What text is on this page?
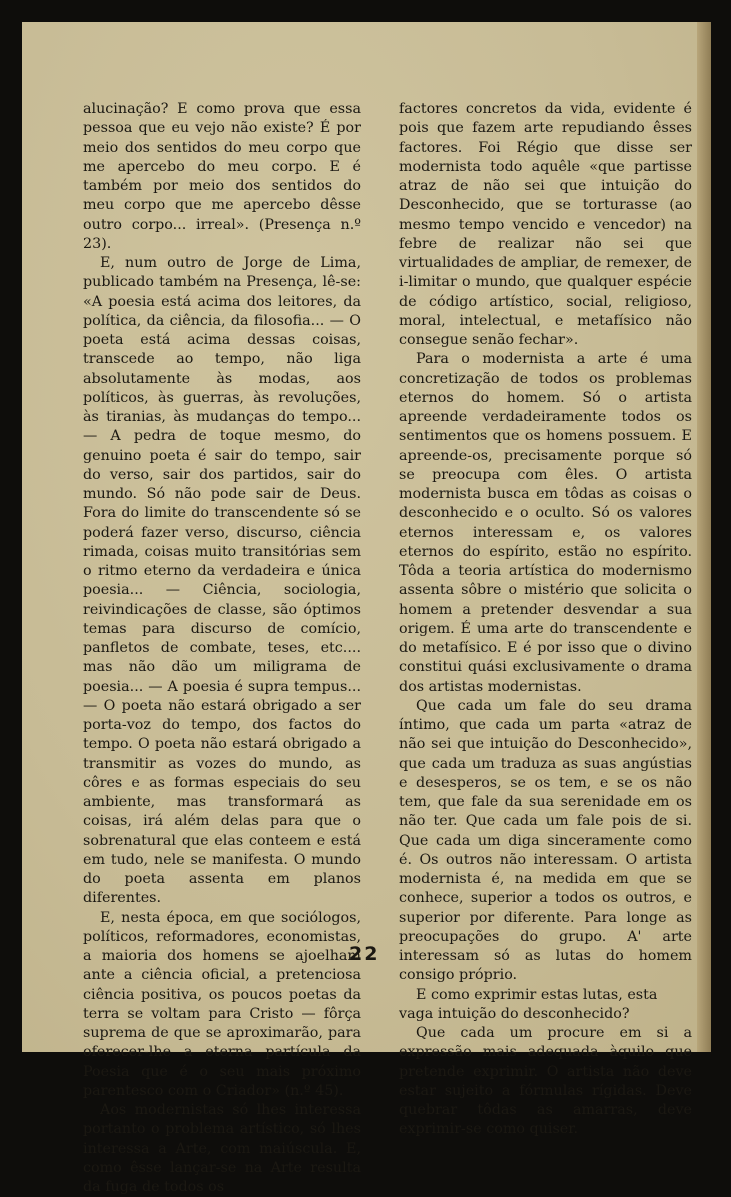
alucinação? E como prova que essa pessoa que eu vejo não existe? É por meio dos sentidos do meu corpo que me apercebo do meu corpo. E é também por meio dos sentidos do meu corpo que me apercebo dêsse outro corpo... irreal». (Presença n.º 23).

E, num outro de Jorge de Lima, publicado também na Presença, lê-se: «A poesia está acima dos leitores, da política, da ciência, da filosofia... — O poeta está acima dessas coisas, transcede ao tempo, não liga absolutamente às modas, aos políticos, às guerras, às revoluções, às tiranias, às mudanças do tempo... — A pedra de toque mesmo, do genuino poeta é sair do tempo, sair do verso, sair dos partidos, sair do mundo. Só não pode sair de Deus. Fora do limite do transcendente só se poderá fazer verso, discurso, ciência rimada, coisas muito transitórias sem o ritmo eterno da verdadeira e única poesia... — Ciência, sociologia, reivindicações de classe, são óptimos temas para discurso de comício, panfletos de combate, teses, etc.... mas não dão um miligrama de poesia... — A poesia é supra tempus... — O poeta não estará obrigado a ser porta-voz do tempo, dos factos do tempo. O poeta não estará obrigado a transmitir as vozes do mundo, as côres e as formas especiais do seu ambiente, mas transformará as coisas, irá além delas para que o sobrenatural que elas conteem e está em tudo, nele se manifesta. O mundo do poeta assenta em planos diferentes.

E, nesta época, em que sociólogos, políticos, reformadores, economistas, a maioria dos homens se ajoelham ante a ciência oficial, a pretenciosa ciência positiva, os poucos poetas da terra se voltam para Cristo — fôrça suprema de que se aproximarão, para oferecer-lhe a eterna partícula da Poesia que é o seu mais próximo parentesco com o Criador» (n.º 45).

Aos modernistas só lhes interessa portanto o problema artístico, só lhes interessa a Arte, com maiúscula. E, como êsse lançar-se na Arte resulta da fuga de todos os

factores concretos da vida, evidente é pois que fazem arte repudiando êsses factores. Foi Régio que disse ser modernista todo aquêle «que partisse atraz de não sei que intuição do Desconhecido, que se torturasse (ao mesmo tempo vencido e vencedor) na febre de realizar não sei que virtualidades de ampliar, de remexer, de i-limitar o mundo, que qualquer espécie de código artístico, social, religioso, moral, intelectual, e metafísico não consegue senão fechar».

Para o modernista a arte é uma concretização de todos os problemas eternos do homem. Só o artista apreende verdadeiramente todos os sentimentos que os homens possuem. E apreende-os, precisamente porque só se preocupa com êles. O artista modernista busca em tôdas as coisas o desconhecido e o oculto. Só os valores eternos interessam e, os valores eternos do espírito, estão no espírito. Tôda a teoria artística do modernismo assenta sôbre o mistério que solicita o homem a pretender desvendar a sua origem. É uma arte do transcendente e do metafísico. E é por isso que o divino constitui quási exclusivamente o drama dos artistas modernistas.

Que cada um fale do seu drama íntimo, que cada um parta «atraz de não sei que intuição do Desconhecido», que cada um traduza as suas angústias e desesperos, se os tem, e se os não tem, que fale da sua serenidade em os não ter. Que cada um fale pois de si. Que cada um diga sinceramente como é. Os outros não interessam. O artista modernista é, na medida em que se conhece, superior a todos os outros, e superior por diferente. Para longe as preocupações do grupo. A' arte interessam só as lutas do homem consigo próprio.

E como exprimir estas lutas, esta vaga intuição do desconhecido?

Que cada um procure em si a expressão mais adequada àquilo que pretende exprimir. O artista não deve estar sujeito a fórmulas rígidas. Deve quebrar tôdas as amarras, deve exprimir-se como quiser.

22
